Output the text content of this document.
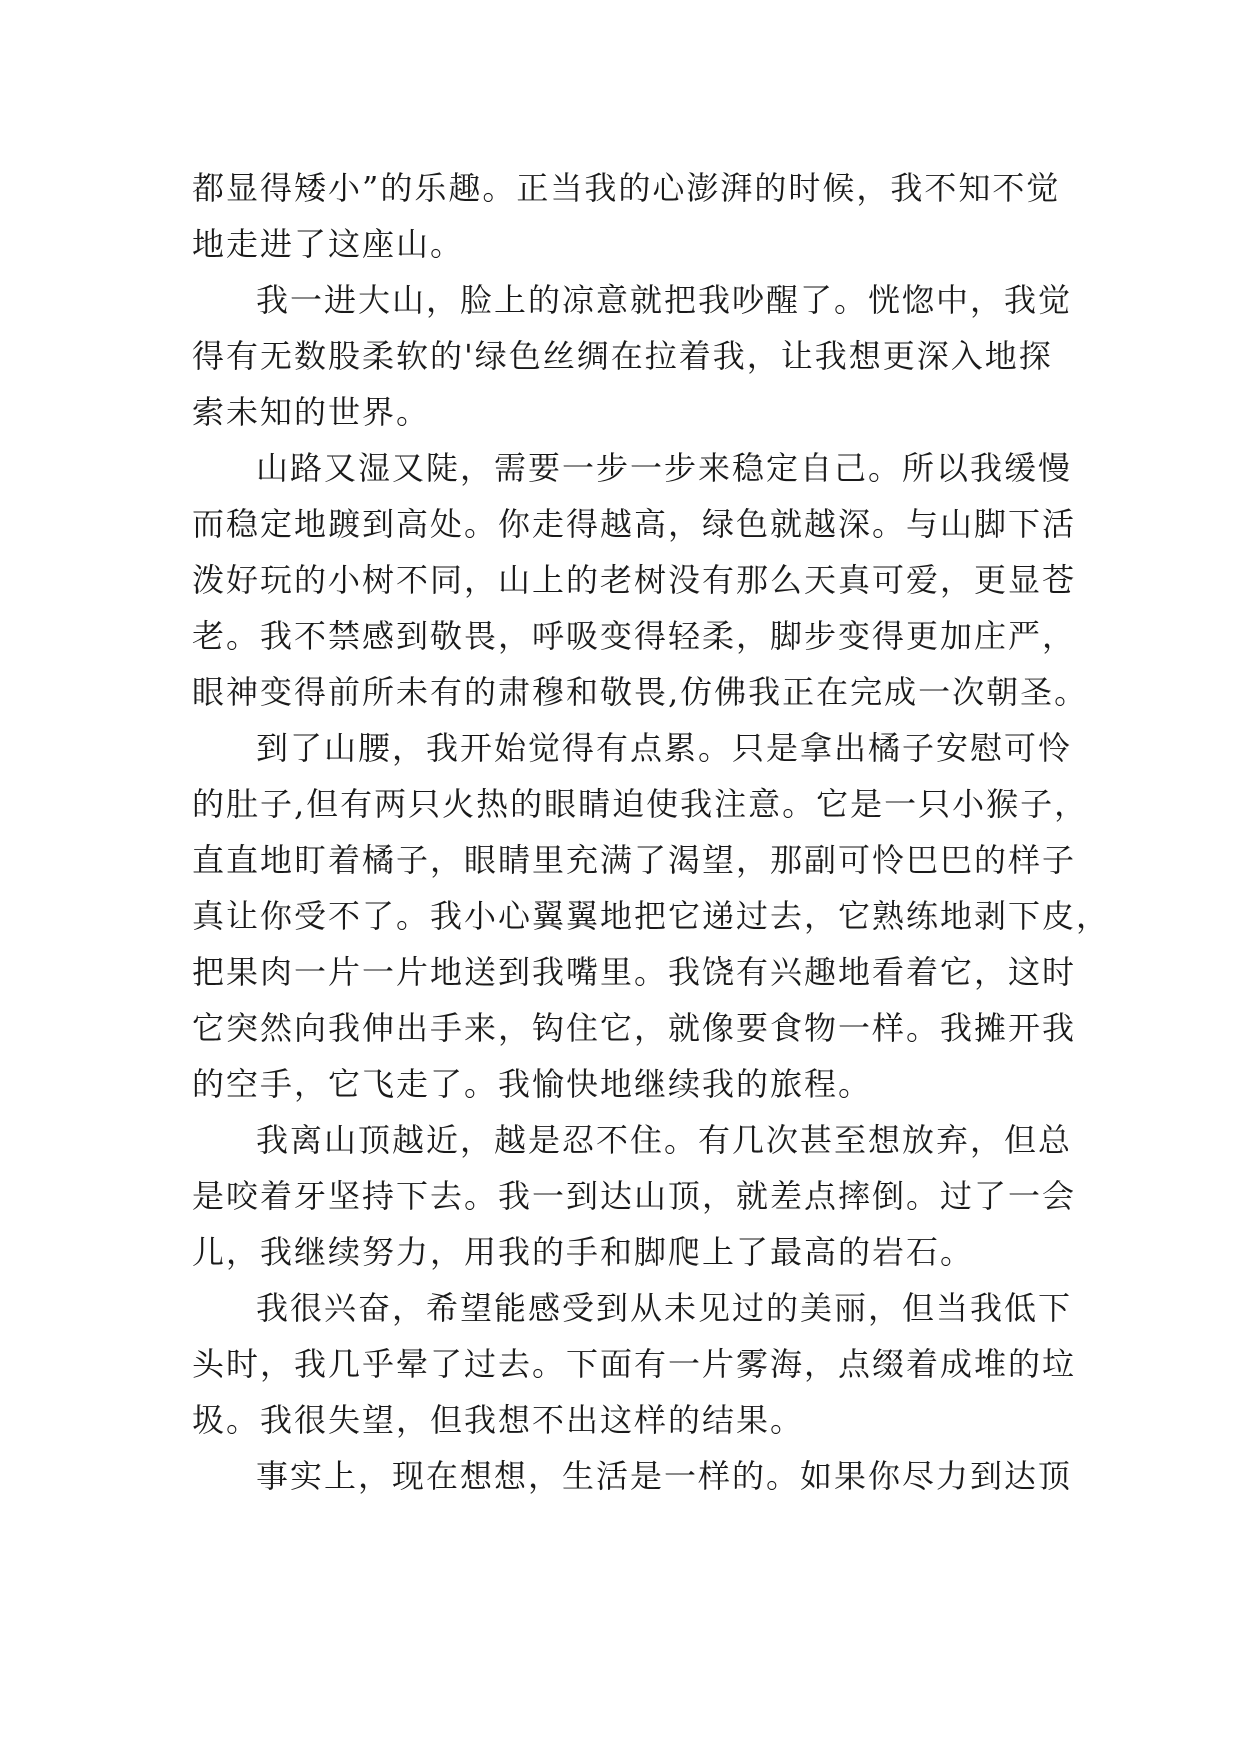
都显得矮小”的乐趣。正当我的心澎湃的时候，我不知不觉
地走进了这座山。
我一进大山，脸上的凉意就把我吵醒了。恍惚中，我觉
得有无数股柔软的'绿色丝绸在拉着我，让我想更深入地探
索未知的世界。
山路又湿又陡，需要一步一步来稳定自己。所以我缓慢
而稳定地踱到高处。你走得越高，绿色就越深。与山脚下活
泼好玩的小树不同，山上的老树没有那么天真可爱，更显苍
老。我不禁感到敬畏，呼吸变得轻柔，脚步变得更加庄严，
眼神变得前所未有的肃穆和敬畏,仿佛我正在完成一次朝圣。
到了山腰，我开始觉得有点累。只是拿出橘子安慰可怜
的肚子,但有两只火热的眼睛迫使我注意。它是一只小猴子，
直直地盯着橘子，眼睛里充满了渴望，那副可怜巴巴的样子
真让你受不了。我小心翼翼地把它递过去，它熟练地剥下皮，
把果肉一片一片地送到我嘴里。我饶有兴趣地看着它，这时
它突然向我伸出手来，钩住它，就像要食物一样。我摊开我
的空手，它飞走了。我愉快地继续我的旅程。
我离山顶越近，越是忍不住。有几次甚至想放弃，但总
是咬着牙坚持下去。我一到达山顶，就差点摔倒。过了一会
儿，我继续努力，用我的手和脚爬上了最高的岩石。
我很兴奋，希望能感受到从未见过的美丽，但当我低下
头时，我几乎晕了过去。下面有一片雾海，点缀着成堆的垃
圾。我很失望，但我想不出这样的结果。
事实上，现在想想，生活是一样的。如果你尽力到达顶
